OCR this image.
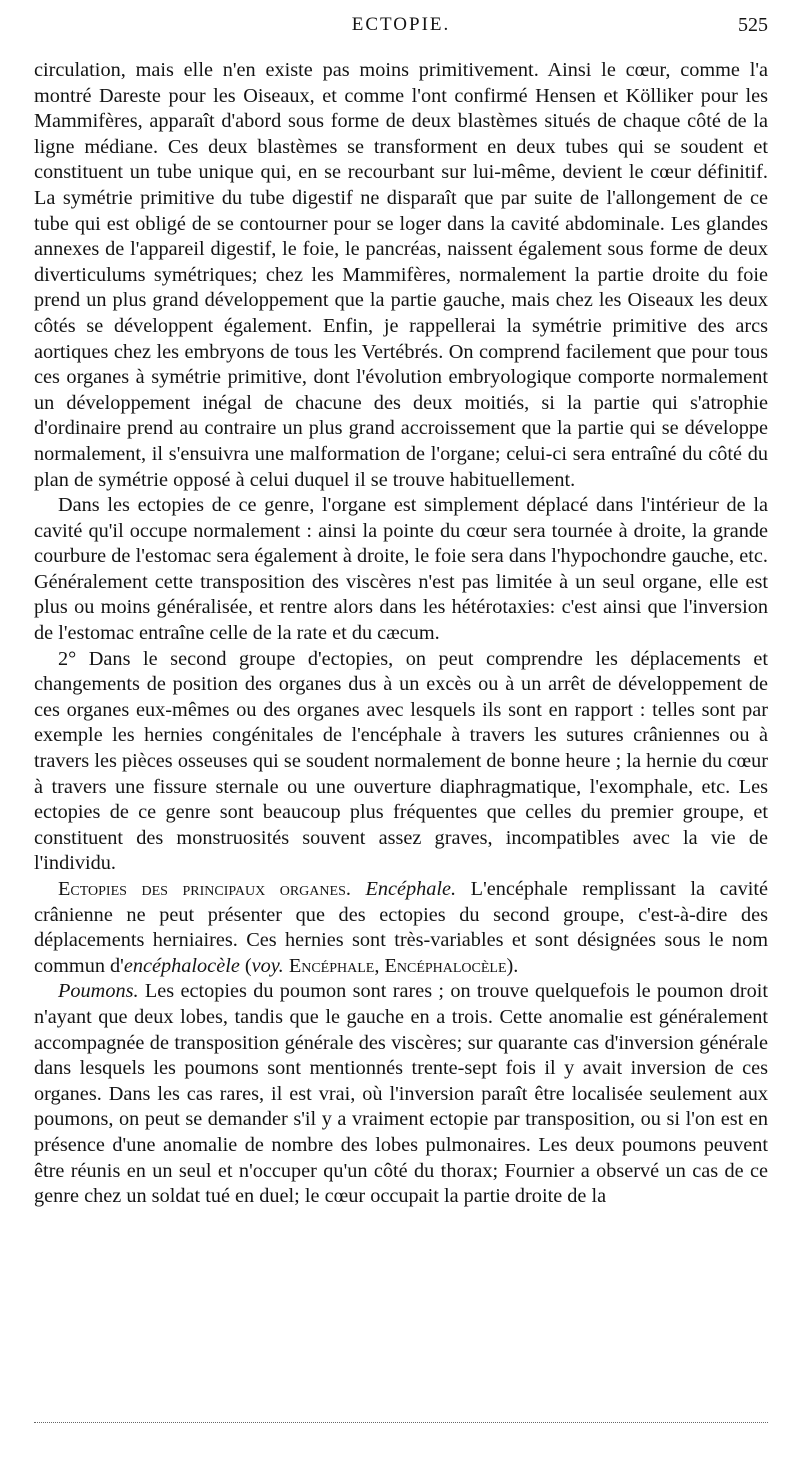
ECTOPIE.	525

circulation, mais elle n'en existe pas moins primitivement. Ainsi le cœur, comme l'a montré Dareste pour les Oiseaux, et comme l'ont confirmé Hensen et Kölliker pour les Mammifères, apparaît d'abord sous forme de deux blastèmes situés de chaque côté de la ligne médiane. Ces deux blastèmes se transforment en deux tubes qui se soudent et constituent un tube unique qui, en se recourbant sur lui-même, devient le cœur définitif. La symétrie primitive du tube digestif ne disparaît que par suite de l'allongement de ce tube qui est obligé de se contourner pour se loger dans la cavité abdominale. Les glandes annexes de l'appareil digestif, le foie, le pancréas, naissent également sous forme de deux diverticulums symétriques; chez les Mammifères, normalement la partie droite du foie prend un plus grand développement que la partie gauche, mais chez les Oiseaux les deux côtés se développent également. Enfin, je rappellerai la symétrie primitive des arcs aortiques chez les embryons de tous les Vertébrés. On comprend facilement que pour tous ces organes à symétrie primitive, dont l'évolution embryologique comporte normalement un développement inégal de chacune des deux moitiés, si la partie qui s'atrophie d'ordinaire prend au contraire un plus grand accroissement que la partie qui se développe normalement, il s'ensuivra une malformation de l'organe; celui-ci sera entraîné du côté du plan de symétrie opposé à celui duquel il se trouve habituellement.

Dans les ectopies de ce genre, l'organe est simplement déplacé dans l'intérieur de la cavité qu'il occupe normalement : ainsi la pointe du cœur sera tournée à droite, la grande courbure de l'estomac sera également à droite, le foie sera dans l'hypochondre gauche, etc. Généralement cette transposition des viscères n'est pas limitée à un seul organe, elle est plus ou moins généralisée, et rentre alors dans les hétérotaxies: c'est ainsi que l'inversion de l'estomac entraîne celle de la rate et du cæcum.

2° Dans le second groupe d'ectopies, on peut comprendre les déplacements et changements de position des organes dus à un excès ou à un arrêt de développement de ces organes eux-mêmes ou des organes avec lesquels ils sont en rapport : telles sont par exemple les hernies congénitales de l'encéphale à travers les sutures crâniennes ou à travers les pièces osseuses qui se soudent normalement de bonne heure ; la hernie du cœur à travers une fissure sternale ou une ouverture diaphragmatique, l'exomphale, etc. Les ectopies de ce genre sont beaucoup plus fréquentes que celles du premier groupe, et constituent des monstruosités souvent assez graves, incompatibles avec la vie de l'individu.

Ectopies des principaux organes. Encéphale. L'encéphale remplissant la cavité crânienne ne peut présenter que des ectopies du second groupe, c'est-à-dire des déplacements herniaires. Ces hernies sont très-variables et sont désignées sous le nom commun d'encéphalocèle (voy. Encéphale, Encéphalocèle).

Poumons. Les ectopies du poumon sont rares ; on trouve quelquefois le poumon droit n'ayant que deux lobes, tandis que le gauche en a trois. Cette anomalie est généralement accompagnée de transposition générale des viscères; sur quarante cas d'inversion générale dans lesquels les poumons sont mentionnés trente-sept fois il y avait inversion de ces organes. Dans les cas rares, il est vrai, où l'inversion paraît être localisée seulement aux poumons, on peut se demander s'il y a vraiment ectopie par transposition, ou si l'on est en présence d'une anomalie de nombre des lobes pulmonaires. Les deux poumons peuvent être réunis en un seul et n'occuper qu'un côté du thorax; Fournier a observé un cas de ce genre chez un soldat tué en duel; le cœur occupait la partie droite de la
